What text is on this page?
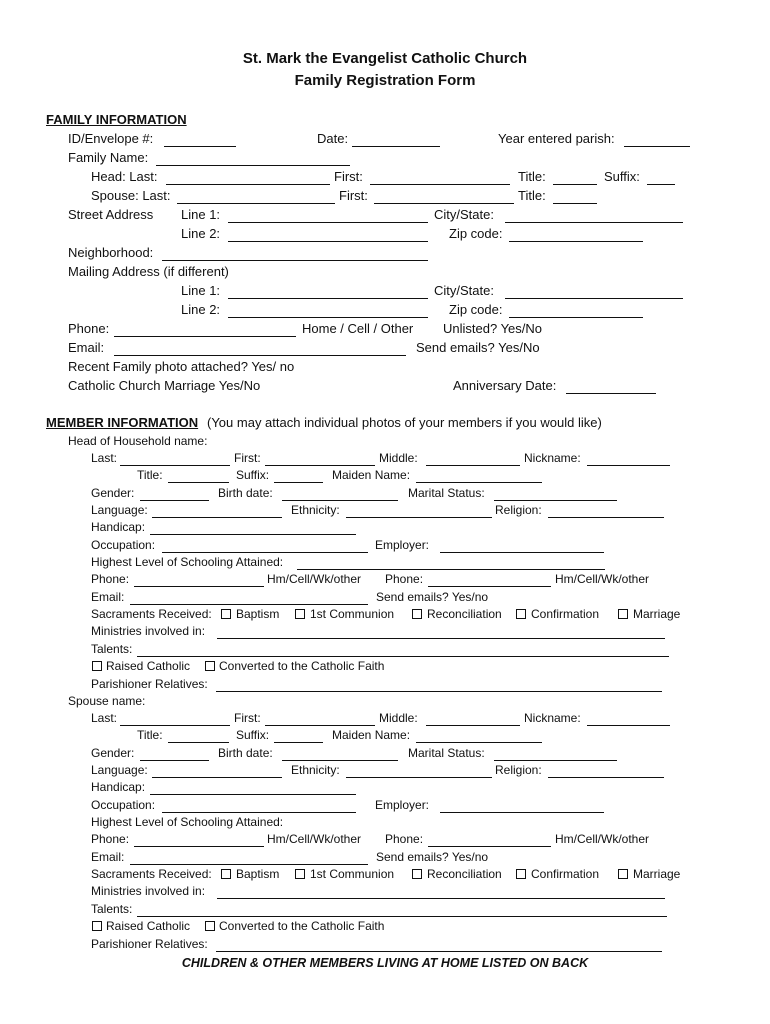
St. Mark the Evangelist Catholic Church
Family Registration Form
FAMILY INFORMATION
ID/Envelope #:	Date:	Year entered parish:
Family Name:
Head: Last:	First:	Title:	Suffix:
Spouse: Last:	First:	Title:
Street Address Line 1:	City/State:
Line 2:	Zip code:
Neighborhood:
Mailing Address (if different)
Line 1:	City/State:
Line 2:	Zip code:
Phone:	Home / Cell / Other Unlisted? Yes/No
Email:	Send emails? Yes/No
Recent Family photo attached? Yes/ no
Catholic Church Marriage Yes/No	Anniversary Date:
MEMBER INFORMATION (You may attach individual photos of your members if you would like)
Head of Household name:
Last:	First:	Middle:	Nickname:
Title:	Suffix:	Maiden Name:
Gender:	Birth date:	Marital Status:
Language:	Ethnicity:	Religion:
Handicap:
Occupation:	Employer:
Highest Level of Schooling Attained:
Phone:	Hm/Cell/Wk/other Phone:	Hm/Cell/Wk/other
Email:	Send emails? Yes/no
Sacraments Received: Baptism	1st Communion	Reconciliation Confirmation	Marriage
Ministries involved in:
Talents:
Raised Catholic Converted to the Catholic Faith
Parishioner Relatives:
Spouse name:
Last:	First:	Middle:	Nickname:
Title:	Suffix:	Maiden Name:
Gender:	Birth date:	Marital Status:
Language:	Ethnicity:	Religion:
Handicap:
Occupation:	Employer:
Highest Level of Schooling Attained:
Phone:	Hm/Cell/Wk/other Phone:	Hm/Cell/Wk/other
Email:	Send emails? Yes/no
Sacraments Received: Baptism	1st Communion	Reconciliation Confirmation	Marriage
Ministries involved in:
Talents:
Raised Catholic Converted to the Catholic Faith
Parishioner Relatives:
CHILDREN & OTHER MEMBERS LIVING AT HOME LISTED ON BACK
